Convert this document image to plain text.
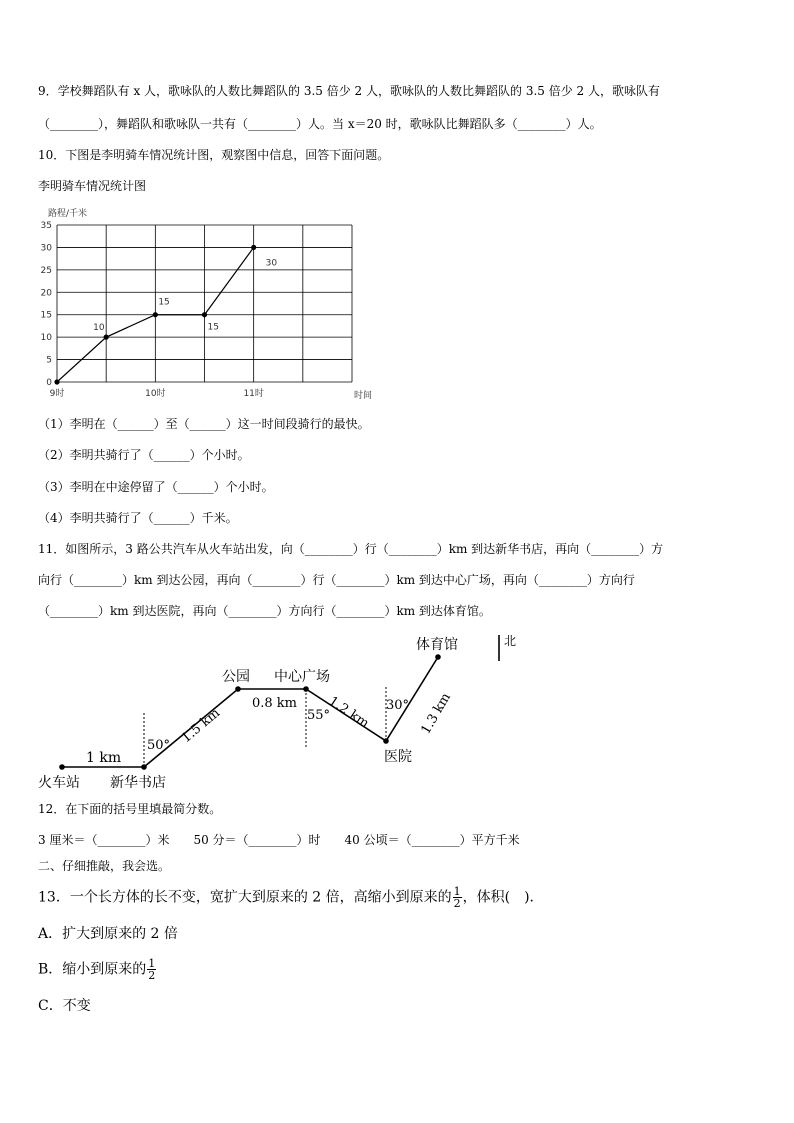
9．学校舞蹈队有 x 人，歌咏队的人数比舞蹈队的 3.5 倍少 2 人，歌咏队的人数比舞蹈队的 3.5 倍少 2 人，歌咏队有
（________），舞蹈队和歌咏队一共有（________）人。当 x＝20 时，歌咏队比舞蹈队多（________）人。
10．下图是李明骑车情况统计图，观察图中信息，回答下面问题。
李明骑车情况统计图
路程/千米
时间
0
5
10
15
20
25
30
35
9时	10时	11时
10
15
15
30
（1）李明在（______）至（______）这一时间段骑行的最快。
（2）李明共骑行了（______）个小时。
（3）李明在中途停留了（______）个小时。
（4）李明共骑行了（______）千米。
11．如图所示，3 路公共汽车从火车站出发，向（________）行（________）km 到达新华书店，再向（________）方
向行（________）km 到达公园，再向（________）行（________）km 到达中心广场，再向（________）方向行
（________）km 到达医院，再向（________）方向行（________）km 到达体育馆。
北
火车站 新华书店
公园 中心广场
医院
体育馆
1 km
1.5 km
0.8 km 1.2 km	1.3 km
50°
55°
30°
12．在下面的括号里填最简分数。
3 厘米＝（________）米　　50 分＝（________）时　　40 公顷＝（________）平方千米
二、仔细推敲，我会选。
13．一个长方体的长不变，宽扩大到原来的 2 倍，高缩小到原来的 $\frac{1}{2}$ ，体积(　)．
A．扩大到原来的 2 倍
B．缩小到原来的 $\frac{1}{2}$
C．不变
